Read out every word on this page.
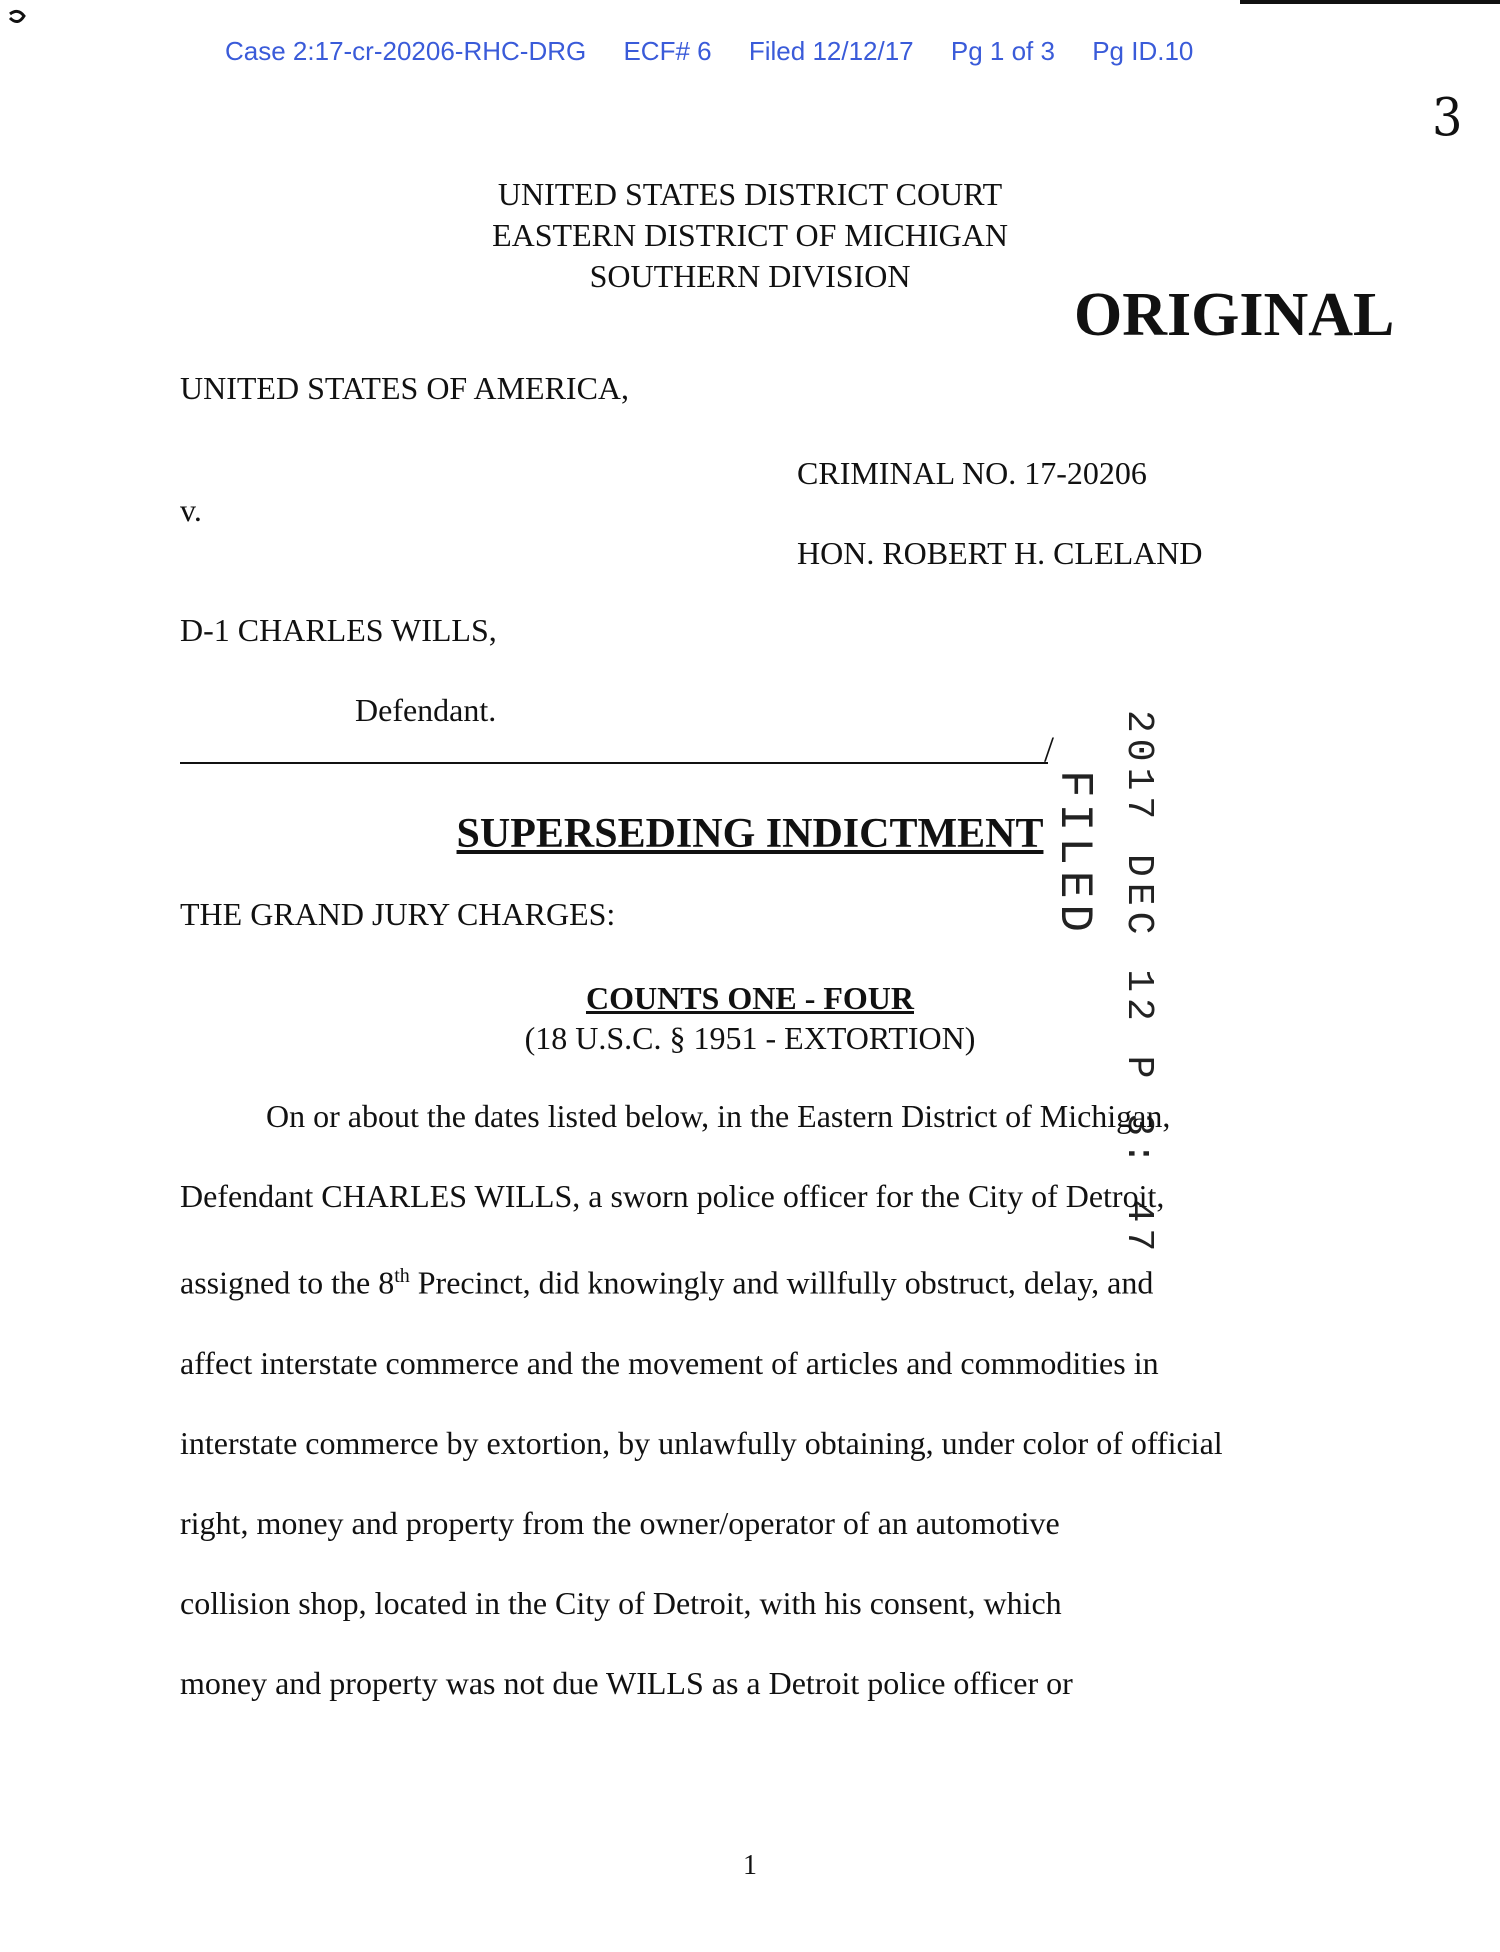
Case 2:17-cr-20206-RHC-DRG ECF# 6 Filed 12/12/17 Pg 1 of 3 Pg ID.10
3
UNITED STATES DISTRICT COURT
EASTERN DISTRICT OF MICHIGAN
SOUTHERN DIVISION
ORIGINAL
UNITED STATES OF AMERICA,
CRIMINAL NO. 17-20206
v.
HON. ROBERT H. CLELAND
D-1 CHARLES WILLS,
Defendant.
/ 2017 DEC 12 P 3: 47
FILED
SUPERSEDING INDICTMENT
THE GRAND JURY CHARGES:
COUNTS ONE - FOUR
(18 U.S.C. § 1951 - EXTORTION)
On or about the dates listed below, in the Eastern District of Michigan,
Defendant CHARLES WILLS, a sworn police officer for the City of Detroit,
assigned to the 8th Precinct, did knowingly and willfully obstruct, delay, and
affect interstate commerce and the movement of articles and commodities in
interstate commerce by extortion, by unlawfully obtaining, under color of official
right, money and property from the owner/operator of an automotive
collision shop, located in the City of Detroit, with his consent, which
money and property was not due WILLS as a Detroit police officer or
1
